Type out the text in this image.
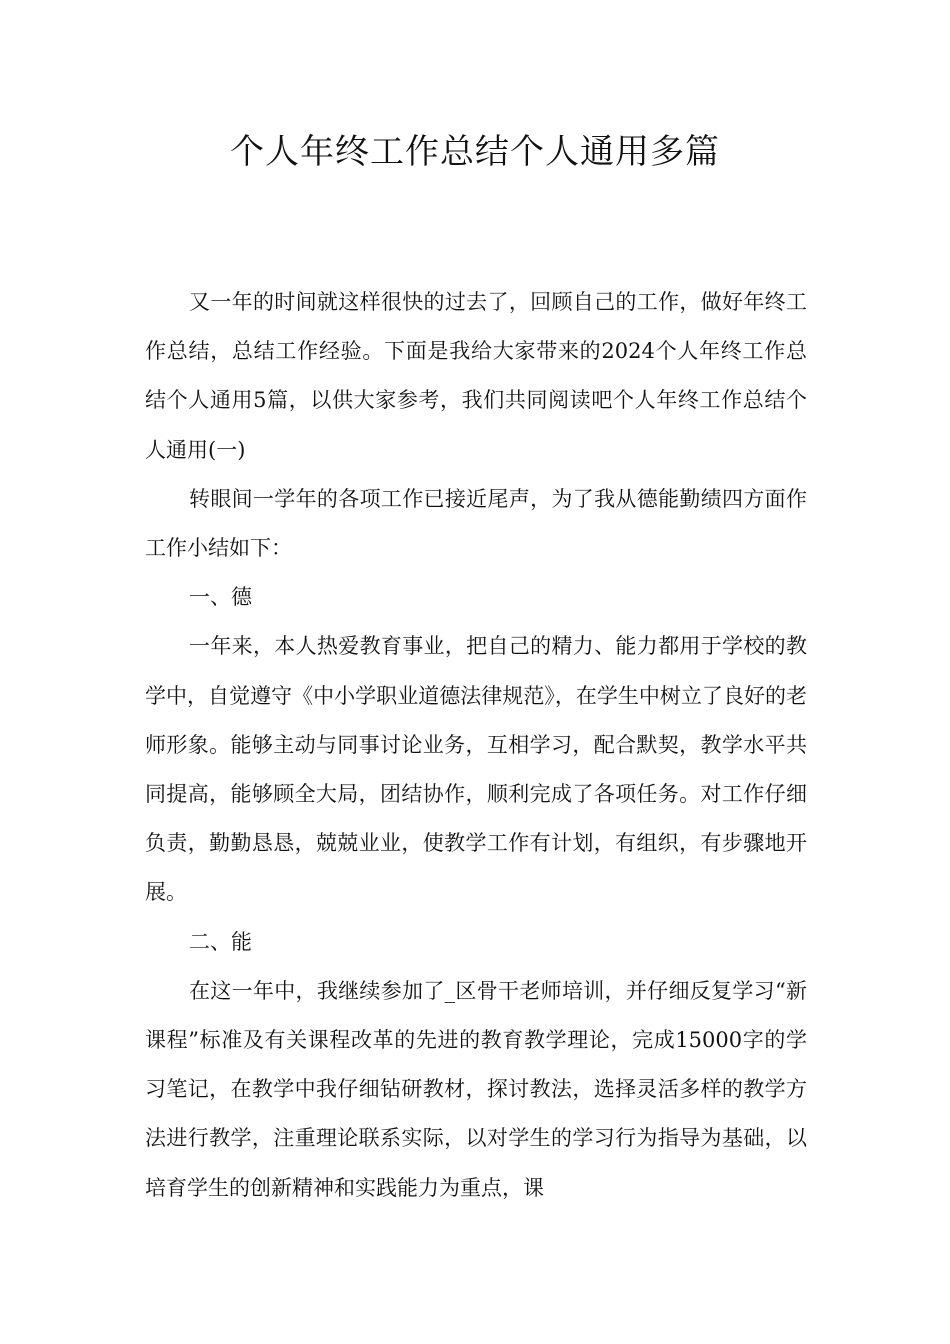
个人年终工作总结个人通用多篇

又一年的时间就这样很快的过去了，回顾自己的工作，做好年终工作总结，总结工作经验。下面是我给大家带来的2024个人年终工作总结个人通用5篇，以供大家参考，我们共同阅读吧个人年终工作总结个人通用(一)

转眼间一学年的各项工作已接近尾声，为了我从德能勤绩四方面作工作小结如下：

一、德

一年来，本人热爱教育事业，把自己的精力、能力都用于学校的教学中，自觉遵守《中小学职业道德法律规范》，在学生中树立了良好的老师形象。能够主动与同事讨论业务，互相学习，配合默契，教学水平共同提高，能够顾全大局，团结协作，顺利完成了各项任务。对工作仔细负责，勤勤恳恳，兢兢业业，使教学工作有计划，有组织，有步骤地开展。

二、能

在这一年中，我继续参加了_区骨干老师培训，并仔细反复学习“新课程”标准及有关课程改革的先进的教育教学理论，完成15000字的学习笔记，在教学中我仔细钻研教材，探讨教法，选择灵活多样的教学方法进行教学，注重理论联系实际，以对学生的学习行为指导为基础，以培育学生的创新精神和实践能力为重点，课
